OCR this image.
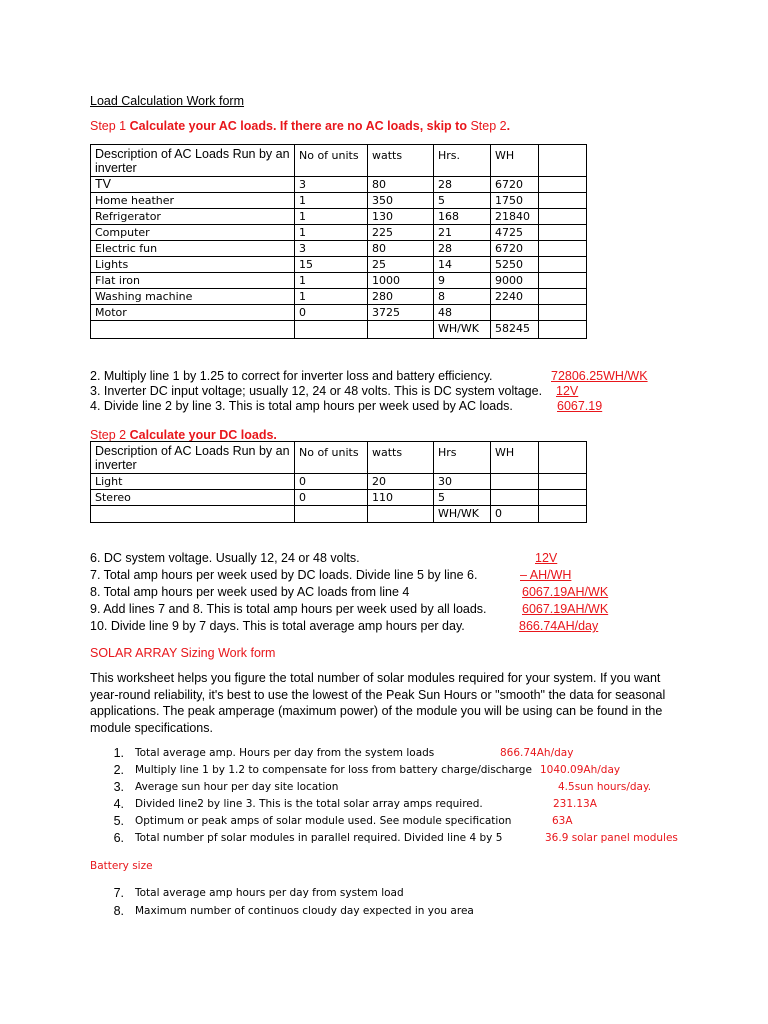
Load Calculation Work form
Step 1 Calculate your AC loads. If there are no AC loads, skip to Step 2.
Description of AC Loads Run by an inverter	No of units	watts	Hrs.	WH	
TV	3	80	28	6720	
Home heather	1	350	5	1750	
Refrigerator	1	130	168	21840	
Computer	1	225	21	4725	
Electric fun	3	80	28	6720	
Lights	15	25	14	5250	
Flat iron	1	1000	9	9000	
Washing machine	1	280	8	2240	
Motor	0	3725	48		
			WH/WK	58245	
2. Multiply line 1 by 1.25 to correct for inverter loss and battery efficiency.	72806.25WH/WK
3. Inverter DC input voltage; usually 12, 24 or 48 volts. This is DC system voltage. 12V
4. Divide line 2 by line 3. This is total amp hours per week used by AC loads.	6067.19
Step 2 Calculate your DC loads.
Description of AC Loads Run by an inverter	No of units	watts	Hrs	WH	
Light	0	20	30		
Stereo	0	110	5		
			WH/WK	0	
6. DC system voltage. Usually 12, 24 or 48 volts.	12V
7. Total amp hours per week used by DC loads. Divide line 5 by line 6.	– AH/WH
8. Total amp hours per week used by AC loads from line 4	6067.19AH/WK
9. Add lines 7 and 8. This is total amp hours per week used by all loads.	6067.19AH/WK
10. Divide line 9 by 7 days. This is total average amp hours per day.	866.74AH/day
SOLAR ARRAY Sizing Work form
This worksheet helps you figure the total number of solar modules required for your system. If you want year-round reliability, it's best to use the lowest of the Peak Sun Hours or "smooth" the data for seasonal applications. The peak amperage (maximum power) of the module you will be using can be found in the module specifications.
1. Total average amp. Hours per day from the system loads	866.74Ah/day
2. Multiply line 1 by 1.2 to compensate for loss from battery charge/discharge 1040.09Ah/day
3. Average sun hour per day site location	4.5sun hours/day.
4. Divided line2 by line 3. This is the total solar array amps required.	231.13A
5. Optimum or peak amps of solar module used. See module specification	63A
6. Total number pf solar modules in parallel required. Divided line 4 by 5	36.9 solar panel modules
Battery size
7. Total average amp hours per day from system load
8. Maximum number of continuos cloudy day expected in you area
